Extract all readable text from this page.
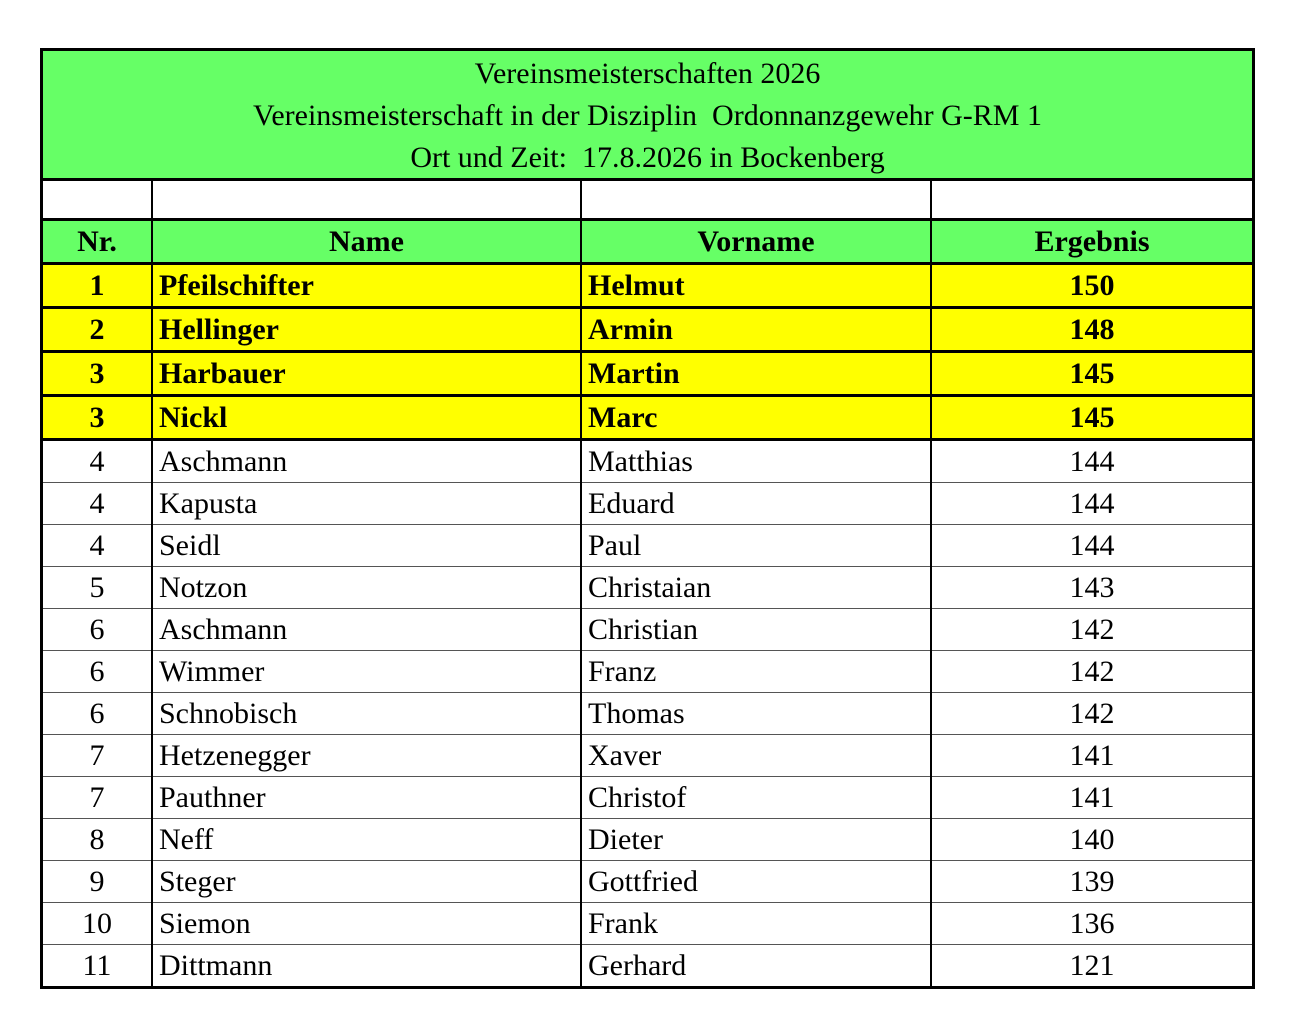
Vereinsmeisterschaften 2026
Vereinsmeisterschaft in der Disziplin  Ordonnanzgewehr G-RM 1
Ort und Zeit:  17.8.2026 in Bockenberg

Nr.	Name	Vorname	Ergebnis
1	Pfeilschifter	Helmut	150
2	Hellinger	Armin	148
3	Harbauer	Martin	145
3	Nickl	Marc	145
4	Aschmann	Matthias	144
4	Kapusta	Eduard	144
4	Seidl	Paul	144
5	Notzon	Christaian	143
6	Aschmann	Christian	142
6	Wimmer	Franz	142
6	Schnobisch	Thomas	142
7	Hetzenegger	Xaver	141
7	Pauthner	Christof	141
8	Neff	Dieter	140
9	Steger	Gottfried	139
10	Siemon	Frank	136
11	Dittmann	Gerhard	121
